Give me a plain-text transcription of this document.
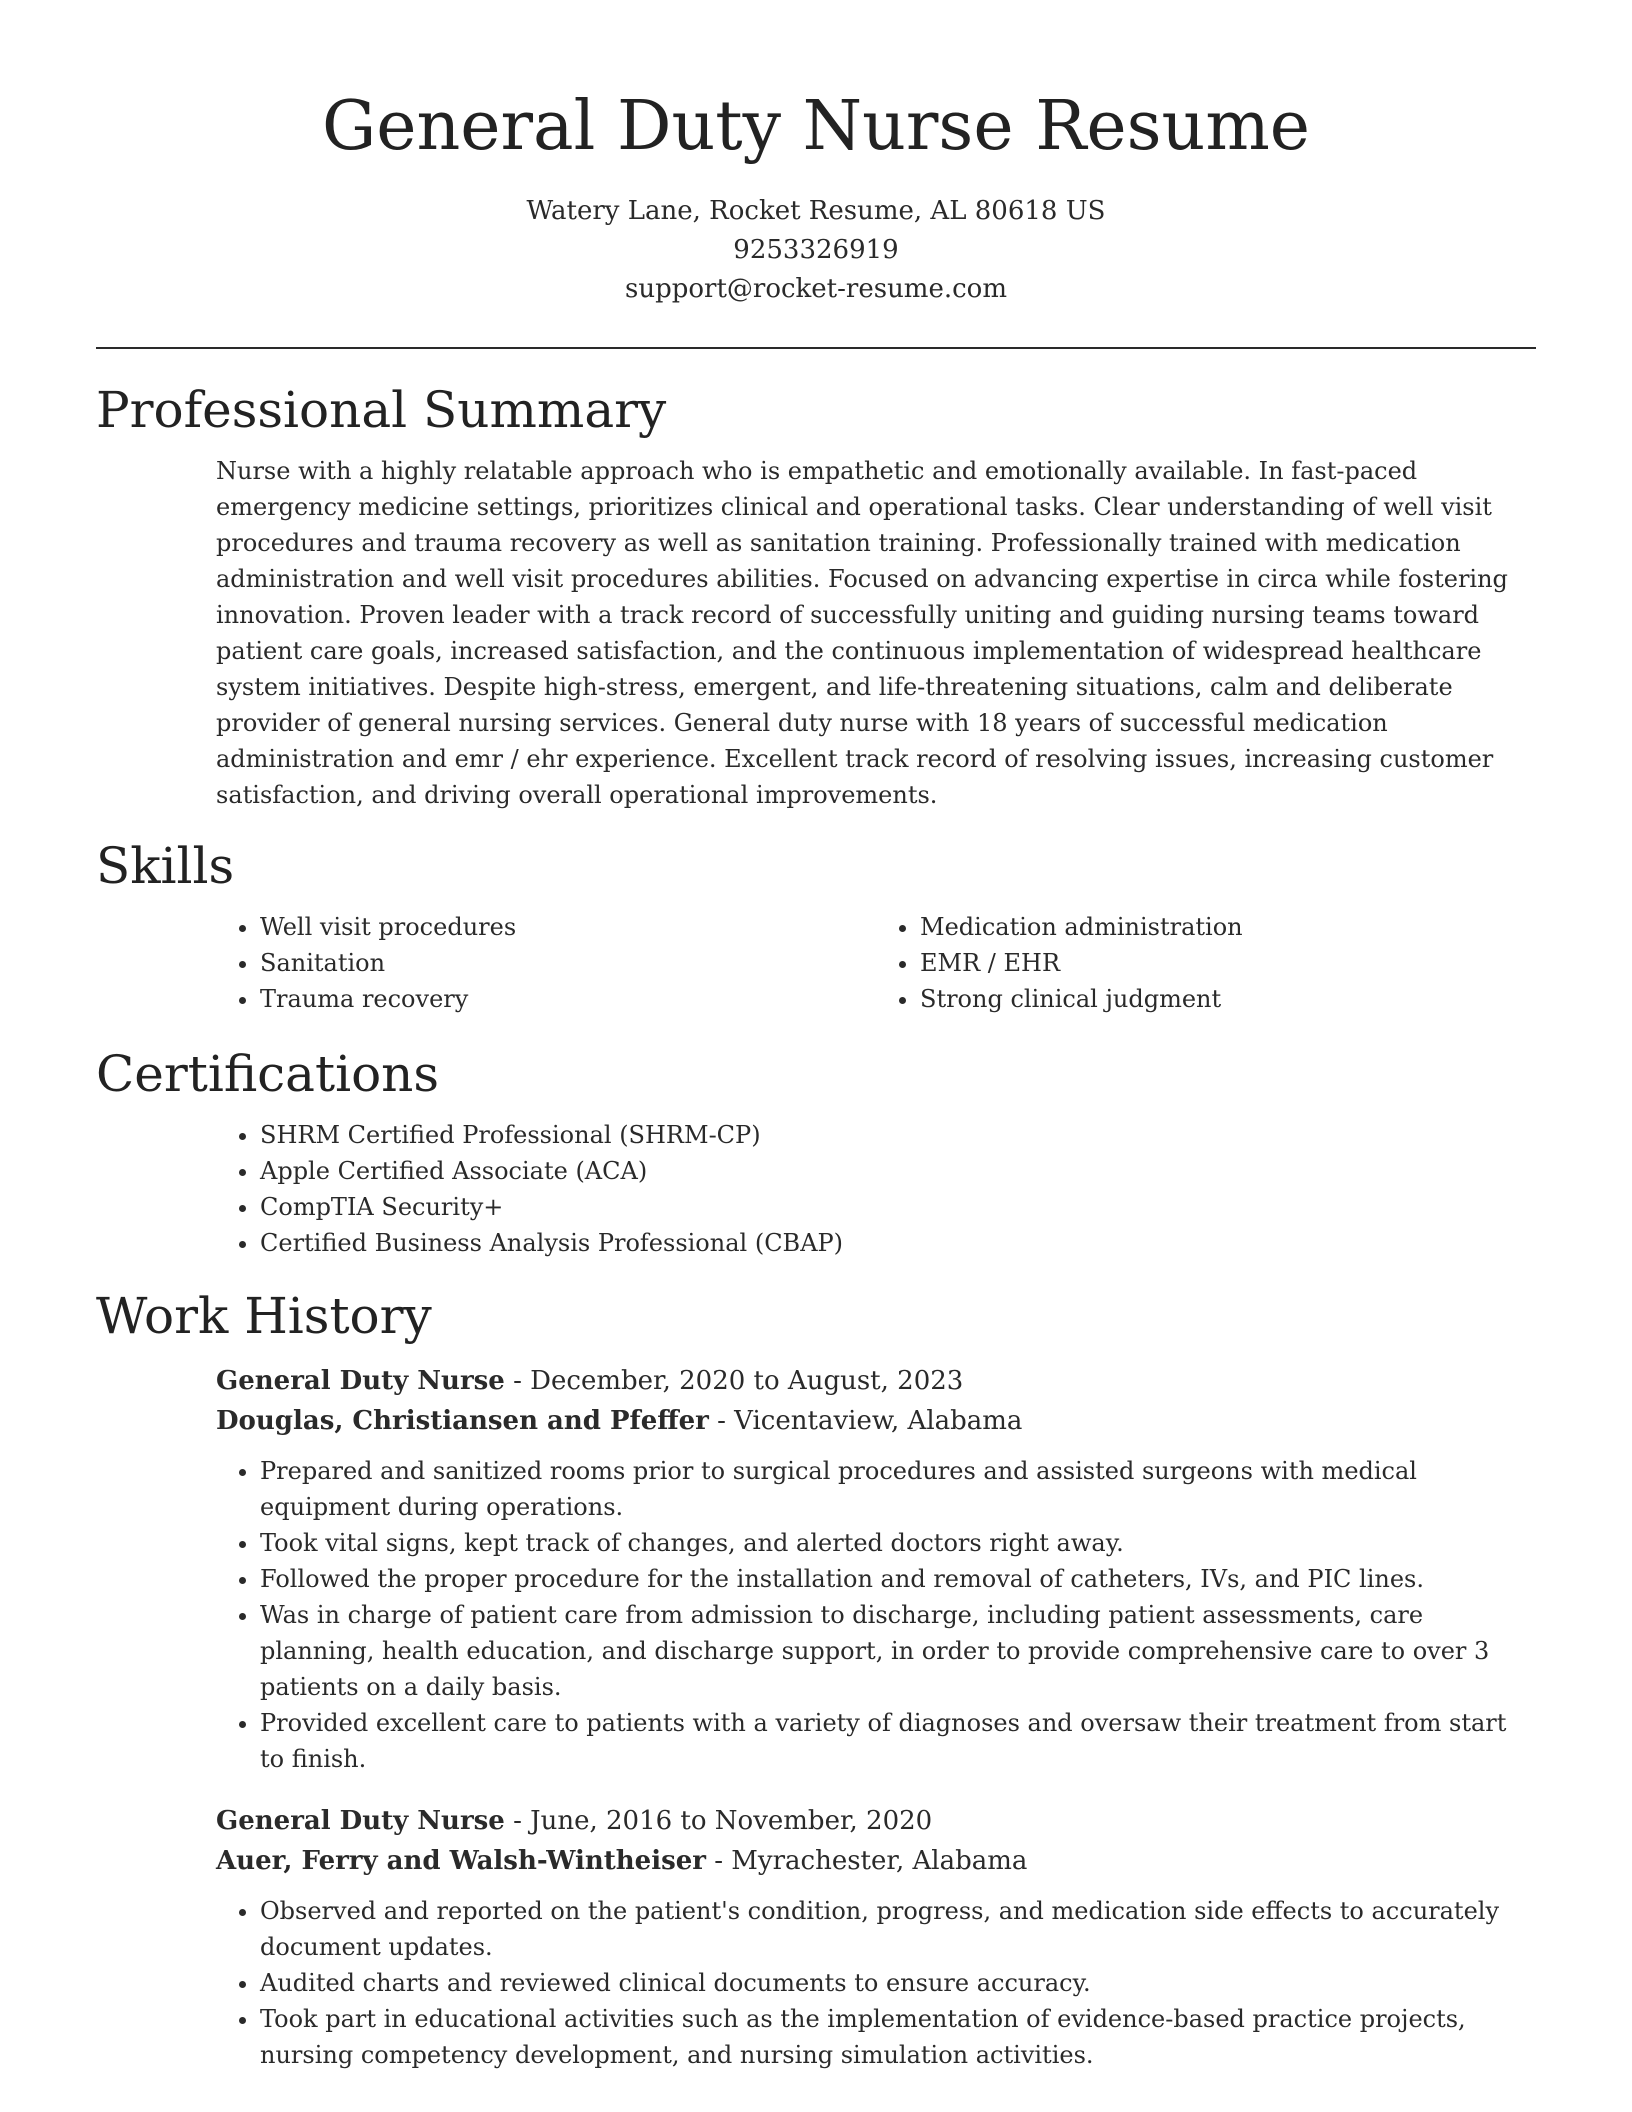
General Duty Nurse Resume
Watery Lane, Rocket Resume, AL 80618 US
9253326919
support@rocket-resume.com
Professional Summary

Nurse with a highly relatable approach who is empathetic and emotionally available. In fast-paced emergency medicine settings, prioritizes clinical and operational tasks. Clear understanding of well visit procedures and trauma recovery as well as sanitation training. Professionally trained with medication administration and well visit procedures abilities. Focused on advancing expertise in circa while fostering innovation. Proven leader with a track record of successfully uniting and guiding nursing teams toward patient care goals, increased satisfaction, and the continuous implementation of widespread healthcare system initiatives. Despite high-stress, emergent, and life-threatening situations, calm and deliberate provider of general nursing services. General duty nurse with 18 years of successful medication administration and emr / ehr experience. Excellent track record of resolving issues, increasing customer satisfaction, and driving overall operational improvements.

Skills
• Well visit procedures
• Sanitation
• Trauma recovery
• Medication administration
• EMR / EHR
• Strong clinical judgment
Certifications
• SHRM Certified Professional (SHRM-CP)
• Apple Certified Associate (ACA)
• CompTIA Security+
• Certified Business Analysis Professional (CBAP)
Work History
General Duty Nurse - December, 2020 to August, 2023
Douglas, Christiansen and Pfeffer - Vicentaview, Alabama
• Prepared and sanitized rooms prior to surgical procedures and assisted surgeons with medical equipment during operations.
• Took vital signs, kept track of changes, and alerted doctors right away.
• Followed the proper procedure for the installation and removal of catheters, IVs, and PIC lines.
• Was in charge of patient care from admission to discharge, including patient assessments, care planning, health education, and discharge support, in order to provide comprehensive care to over 3 patients on a daily basis.
• Provided excellent care to patients with a variety of diagnoses and oversaw their treatment from start to finish.
General Duty Nurse - June, 2016 to November, 2020
Auer, Ferry and Walsh-Wintheiser - Myrachester, Alabama
• Observed and reported on the patient's condition, progress, and medication side effects to accurately document updates.
• Audited charts and reviewed clinical documents to ensure accuracy.
• Took part in educational activities such as the implementation of evidence-based practice projects, nursing competency development, and nursing simulation activities.
